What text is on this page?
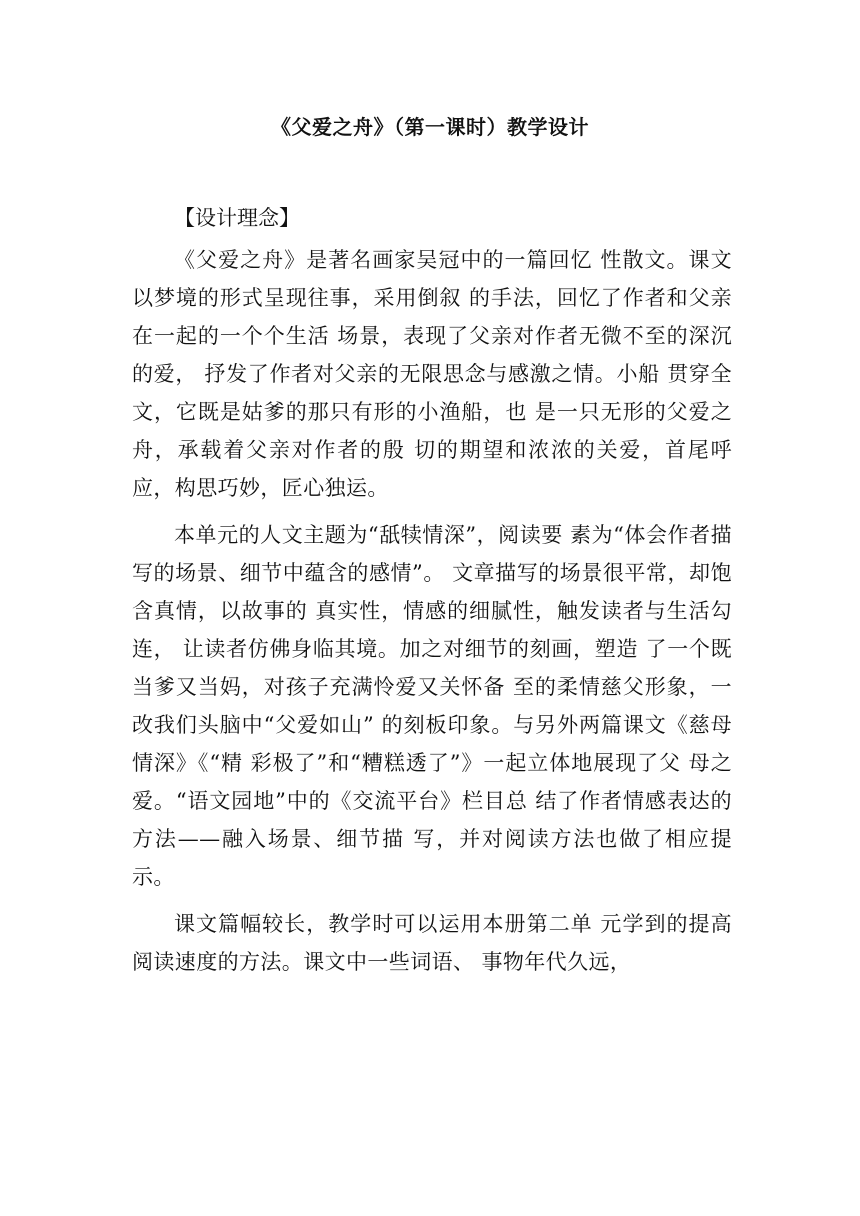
《父爱之舟》（第一课时）教学设计
【设计理念】

《父爱之舟》是著名画家吴冠中的一篇回忆 性散文。课文以梦境的形式呈现往事，采用倒叙 的手法，回忆了作者和父亲在一起的一个个生活 场景，表现了父亲对作者无微不至的深沉的爱， 抒发了作者对父亲的无限思念与感激之情。小船 贯穿全文，它既是姑爹的那只有形的小渔船，也 是一只无形的父爱之舟，承载着父亲对作者的殷 切的期望和浓浓的关爱，首尾呼应，构思巧妙，匠心独运。

本单元的人文主题为“舐犊情深”，阅读要 素为“体会作者描写的场景、细节中蕴含的感情”。 文章描写的场景很平常，却饱含真情，以故事的 真实性，情感的细腻性，触发读者与生活勾连， 让读者仿佛身临其境。加之对细节的刻画，塑造 了一个既当爹又当妈，对孩子充满怜爱又关怀备 至的柔情慈父形象，一改我们头脑中“父爱如山” 的刻板印象。与另外两篇课文《慈母情深》《“精 彩极了”和“糟糕透了”》一起立体地展现了父 母之爱。“语文园地”中的《交流平台》栏目总 结了作者情感表达的方法——融入场景、细节描 写，并对阅读方法也做了相应提示。

课文篇幅较长，教学时可以运用本册第二单 元学到的提高阅读速度的方法。课文中一些词语、 事物年代久远，
